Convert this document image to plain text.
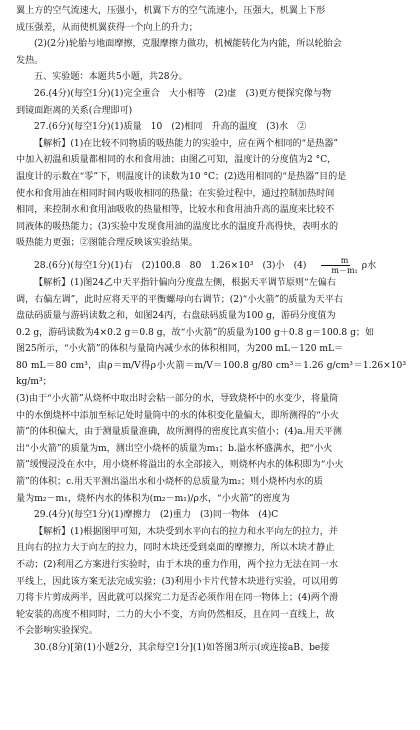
翼上方的空气流速大，压强小，机翼下方的空气流速小，压强大，机翼上下形

成压强差，从而使机翼获得一个向上的升力；

(2)(2分)轮胎与地面摩擦，克服摩擦力做功，机械能转化为内能，所以轮胎会

发热。

五、实验题：本题共5小题，共28分。

26.(4分)(每空1分)(1)完全重合　大小相等　(2)虚　(3)更方便探究像与物

到镜面距离的关系(合理即可)

27.(6分)(每空1分)(1)质量　10　(2)相同　升高的温度　(3)水　②

【解析】(1)在比较不同物质的吸热能力的实验中，应在两个相同的“是热器”

中加入初温和质量都相同的水和食用油；由图乙可知，温度计的分度值为2 °C，

温度计的示数在“零”下，则温度计的读数为10 °C；(2)选用相同的“是热器”目的是

使水和食用油在相同时间内吸收相同的热量；在实验过程中，通过控制加热时间

相同，来控制水和食用油吸收的热量相等，比较水和食用油升高的温度来比较不

同液体的吸热能力；(3)实验中发现食用油的温度比水的温度升高得快，表明水的

吸热能力更强；②图能合理反映该实验结果。

28.(6分)(每空1分)(1)右　(2)100.8　80　1.26×10³　(3)小　$(4) \frac{m}{\text{m－m₁}}$ ρ水

【解析】(1)图24乙中天平指针偏向分度盘左侧，根据天平调节原则“左偏右

调，右偏左调”，此时应将天平的平衡螺母向右调节；(2)“小火箭”的质量为天平右

盘砝码质量与游码读数之和，如图24丙，右盘砝码质量为100 g，游码分度值为

0.2 g，游码读数为4×0.2 g＝0.8 g，故“小火箭”的质量为100 g＋0.8 g＝100.8 g；如

图25所示，“小火箭”的体积与量筒内减少水的体积相同，为200 mL－120 mL＝

80 mL＝80 cm³，由ρ＝m/V得ρ小火箭＝m/V＝100.8 g/80 cm³＝1.26 g/cm³＝1.26×10³ kg/m³；

(3)由于“小火箭”从烧杯中取出时会粘一部分的水，导致烧杯中的水变少，将量筒

中的水倒烧杯中添加至标记处时量筒中的水的体积变化量偏大，即所测得的“小火

箭”的体积偏大，由于测量质量准确，故所测得的密度比真实值小；(4)a.用天平测

出“小火箭”的质量为m，测出空小烧杯的质量为m₁；b.溢水杯盛满水，把“小火

箭”缓慢浸没在水中，用小烧杯将溢出的水全部接入，则烧杯内水的体积即为“小火

箭”的体积；c.用天平测出溢出水和小烧杯的总质量为m₂；则小烧杯内水的质

量为m₂－m₁，烧杯内水的体积为(m₂－m₁)/ρ水，“小火箭”的密度为

29.(4分)(每空1分)(1)摩擦力　(2)重力　(3)同一物体　(4)C

【解析】(1)根据图甲可知，木块受到水平向右的拉力和水平向左的拉力，并

且向右的拉力大于向左的拉力，同时木块还受到桌面的摩擦力，所以木块才静止

不动；(2)利用乙方案进行实验时，由于木块的重力作用，两个拉力无法在同一水

平线上，因此该方案无法完成实验；(3)利用小卡片代替木块进行实验，可以用剪

刀将卡片剪成两半，因此就可以探究二力是否必须作用在同一物体上；(4)两个滑

轮安装的高度不相同时，二力的大小不变，方向仍然相反，且在同一直线上，故

不会影响实验探究。

30.(8分)[第(1)小题2分，其余每空1分](1)如答图3所示(或连接aB、be接
